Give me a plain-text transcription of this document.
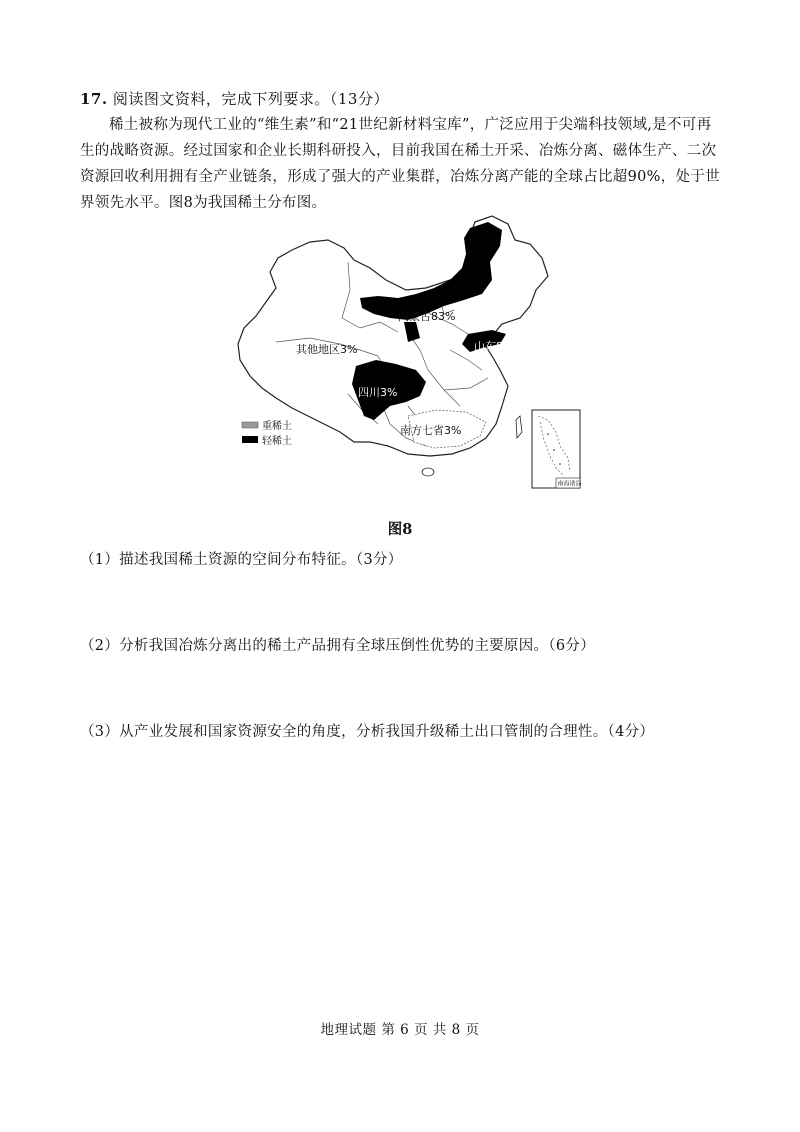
17. 阅读图文资料，完成下列要求。（13分）
稀土被称为现代工业的“维生素”和“21世纪新材料宝库”，广泛应用于尖端科技领域,是不可再生的战略资源。经过国家和企业长期科研投入，目前我国在稀土开采、冶炼分离、磁体生产、二次资源回收利用拥有全产业链条，形成了强大的产业集群，冶炼分离产能的全球占比超90%，处于世界领先水平。图8为我国稀土分布图。
内蒙古83%
山东8%
其他地区3%
四川3%
南方七省3%
重稀土
轻稀土
南海诸岛
图8
（1）描述我国稀土资源的空间分布特征。（3分）
（2）分析我国冶炼分离出的稀土产品拥有全球压倒性优势的主要原因。（6分）
（3）从产业发展和国家资源安全的角度，分析我国升级稀土出口管制的合理性。（4分）
地理试题 第 6 页 共 8 页
